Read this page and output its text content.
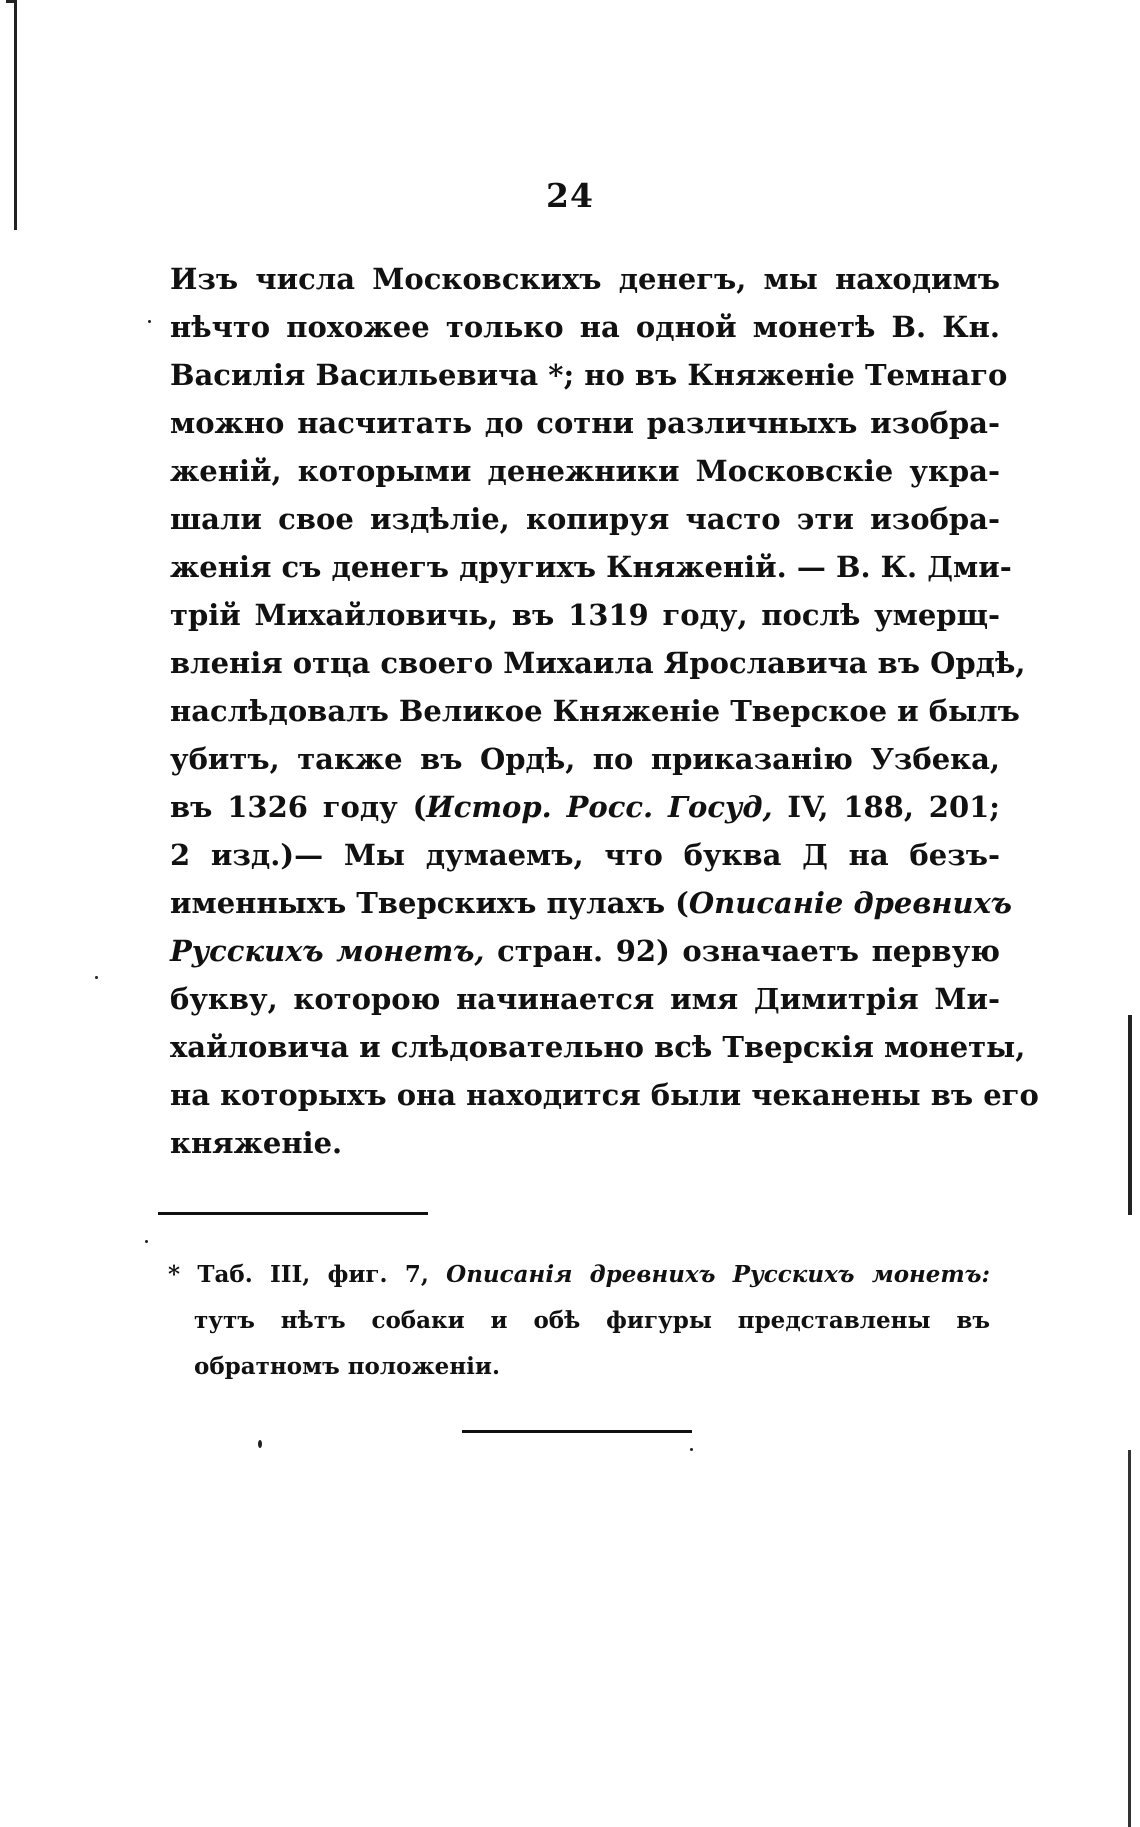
24
Изъ числа Московскихъ денегъ, мы находимъ
нѣчто похожее только на одной монетѣ В. Кн.
Василія Васильевича *; но въ Княженіе Темнаго
можно насчитать до сотни различныхъ изобра-
женій, которыми денежники Московскіе укра-
шали свое издѣліе, копируя часто эти изобра-
женія съ денегъ другихъ Княженій. — В. К. Дми-
трій Михайловичь, въ 1319 году, послѣ умерщ-
вленія отца своего Михаила Ярославича въ Ордѣ,
наслѣдовалъ Великое Княженіе Тверское и былъ
убитъ, также въ Ордѣ, по приказанію Узбека,
въ 1326 году (Истор. Росс. Госуд, IV, 188, 201;
2 изд.)— Мы думаемъ, что буква Д на безъ-
именныхъ Тверскихъ пулахъ (Описаніе древнихъ
Русскихъ монетъ, стран. 92) означаетъ первую
букву, которою начинается имя Димитрія Ми-
хайловича и слѣдовательно всѣ Тверскія монеты,
на которыхъ она находится были чеканены въ его
княженіе.
* Таб. III, фиг. 7, Описанія древнихъ Русскихъ монетъ:
тутъ нѣтъ собаки и обѣ фигуры представлены въ
обратномъ положеніи.
